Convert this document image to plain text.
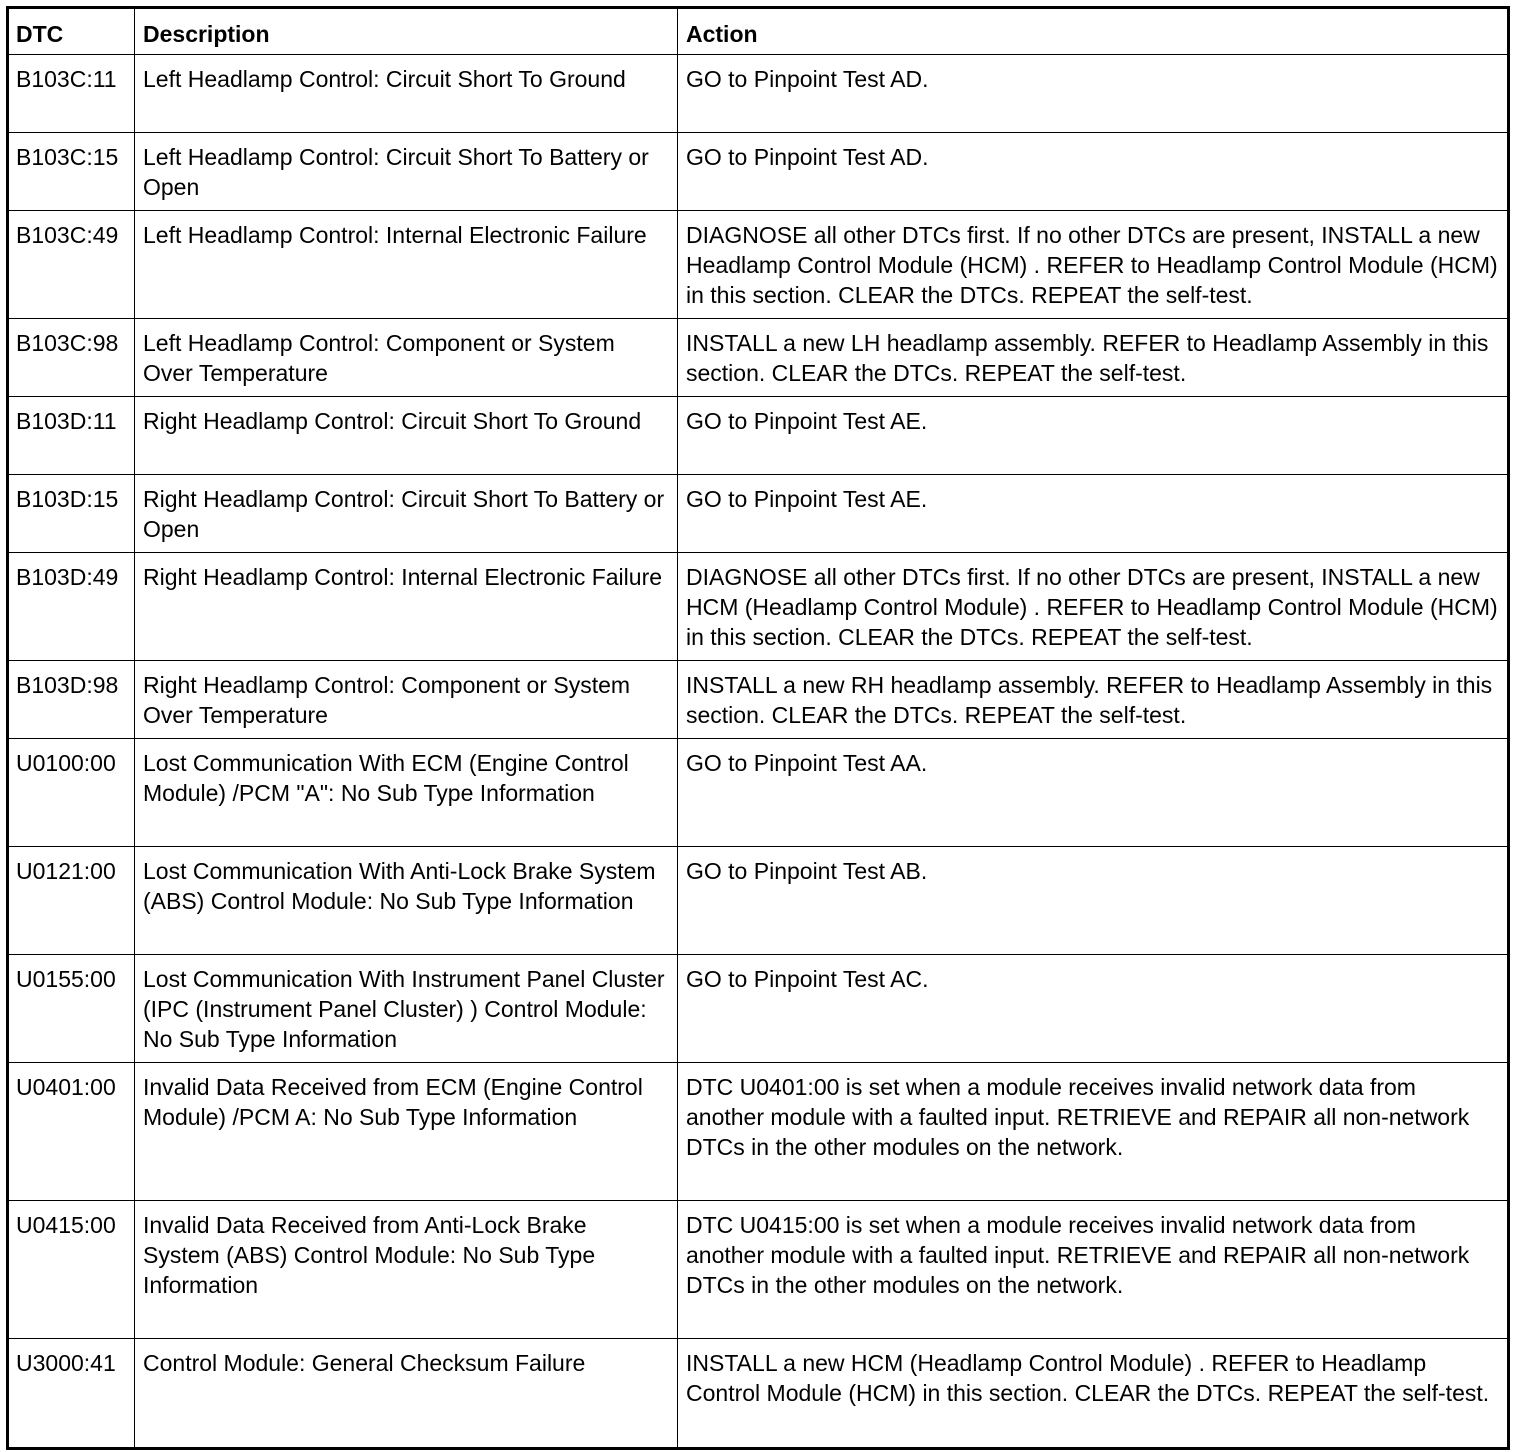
DTC	Description	Action
B103C:11	Left Headlamp Control: Circuit Short To Ground	GO to Pinpoint Test AD.
B103C:15	Left Headlamp Control: Circuit Short To Battery or Open	GO to Pinpoint Test AD.
B103C:49	Left Headlamp Control: Internal Electronic Failure	DIAGNOSE all other DTCs first. If no other DTCs are present, INSTALL a new Headlamp Control Module (HCM) . REFER to Headlamp Control Module (HCM) in this section. CLEAR the DTCs. REPEAT the self-test.
B103C:98	Left Headlamp Control: Component or System Over Temperature	INSTALL a new LH headlamp assembly. REFER to Headlamp Assembly in this section. CLEAR the DTCs. REPEAT the self-test.
B103D:11	Right Headlamp Control: Circuit Short To Ground	GO to Pinpoint Test AE.
B103D:15	Right Headlamp Control: Circuit Short To Battery or Open	GO to Pinpoint Test AE.
B103D:49	Right Headlamp Control: Internal Electronic Failure	DIAGNOSE all other DTCs first. If no other DTCs are present, INSTALL a new HCM (Headlamp Control Module) . REFER to Headlamp Control Module (HCM) in this section. CLEAR the DTCs. REPEAT the self-test.
B103D:98	Right Headlamp Control: Component or System Over Temperature	INSTALL a new RH headlamp assembly. REFER to Headlamp Assembly in this section. CLEAR the DTCs. REPEAT the self-test.
U0100:00	Lost Communication With ECM (Engine Control Module) /PCM "A": No Sub Type Information	GO to Pinpoint Test AA.
U0121:00	Lost Communication With Anti-Lock Brake System (ABS) Control Module: No Sub Type Information	GO to Pinpoint Test AB.
U0155:00	Lost Communication With Instrument Panel Cluster (IPC (Instrument Panel Cluster) ) Control Module: No Sub Type Information	GO to Pinpoint Test AC.
U0401:00	Invalid Data Received from ECM (Engine Control Module) /PCM A: No Sub Type Information	DTC U0401:00 is set when a module receives invalid network data from another module with a faulted input. RETRIEVE and REPAIR all non-network DTCs in the other modules on the network.
U0415:00	Invalid Data Received from Anti-Lock Brake System (ABS) Control Module: No Sub Type Information	DTC U0415:00 is set when a module receives invalid network data from another module with a faulted input. RETRIEVE and REPAIR all non-network DTCs in the other modules on the network.
U3000:41	Control Module: General Checksum Failure	INSTALL a new HCM (Headlamp Control Module) . REFER to Headlamp Control Module (HCM) in this section. CLEAR the DTCs. REPEAT the self-test.
